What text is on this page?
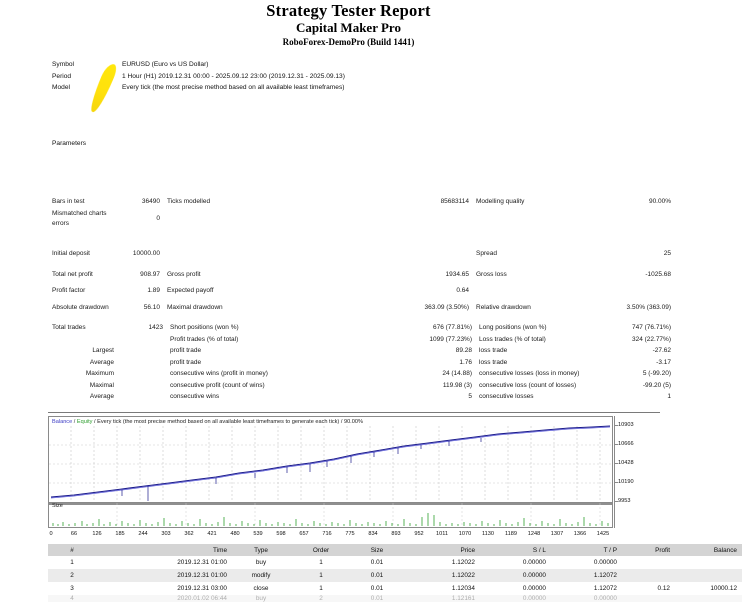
Strategy Tester Report
Capital Maker Pro
RoboForex-DemoPro (Build 1441)
Symbol	EURUSD (Euro vs US Dollar)
Period	1 Hour (H1) 2019.12.31 00:00 - 2025.09.12 23:00 (2019.12.31 - 2025.09.13)
Model	Every tick (the most precise method based on all available least timeframes)
Parameters
	Bars in test	36490	Ticks modelled	85683114	Modelling quality	90.00%
	Mismatched charts errors	0				

	Initial deposit	10000.00			Spread	25
	Total net profit	908.97	Gross profit	1934.65	Gross loss	-1025.68
	Profit factor	1.89	Expected payoff	0.64		
	Absolute drawdown	56.10	Maximal drawdown	363.09 (3.50%)	Relative drawdown	3.50% (363.09)
	Total trades	1423	Short positions (won %)	676 (77.81%)	Long positions (won %)	747 (76.71%)
			Profit trades (% of total)	1099 (77.23%)	Loss trades (% of total)	324 (22.77%)
	Largest		profit trade	89.28	loss trade	-27.62
	Average		profit trade	1.76	loss trade	-3.17
	Maximum		consecutive wins (profit in money)	24 (14.88)	consecutive losses (loss in money)	5 (-99.20)
	Maximal		consecutive profit (count of wins)	119.98 (3)	consecutive loss (count of losses)	-99.20 (5)
	Average		consecutive wins	5	consecutive losses	1
Balance / Equity / Every tick (the most precise method based on all available least timeframes to generate each tick) / 90.00%
Size
10903
10666
10428
10190
9953
0	66	126 185 244 303 362 421 480 539 598 657 716 775 834 893 952 1011 1070 1130 1189 1248 1307 1366 1425
#	Time	Type	Order	Size	Price	S / L	T / P	Profit	Balance
1	2019.12.31 01:00	buy	1	0.01	1.12022	0.00000	0.00000		
2	2019.12.31 01:00	modify	1	0.01	1.12022	0.00000	1.12072		
3	2019.12.31 03:00	close	1	0.01	1.12034	0.00000	1.12072	0.12	10000.12
4	2020.01.02 06:44	buy	2	0.01	1.12161	0.00000	0.00000		
